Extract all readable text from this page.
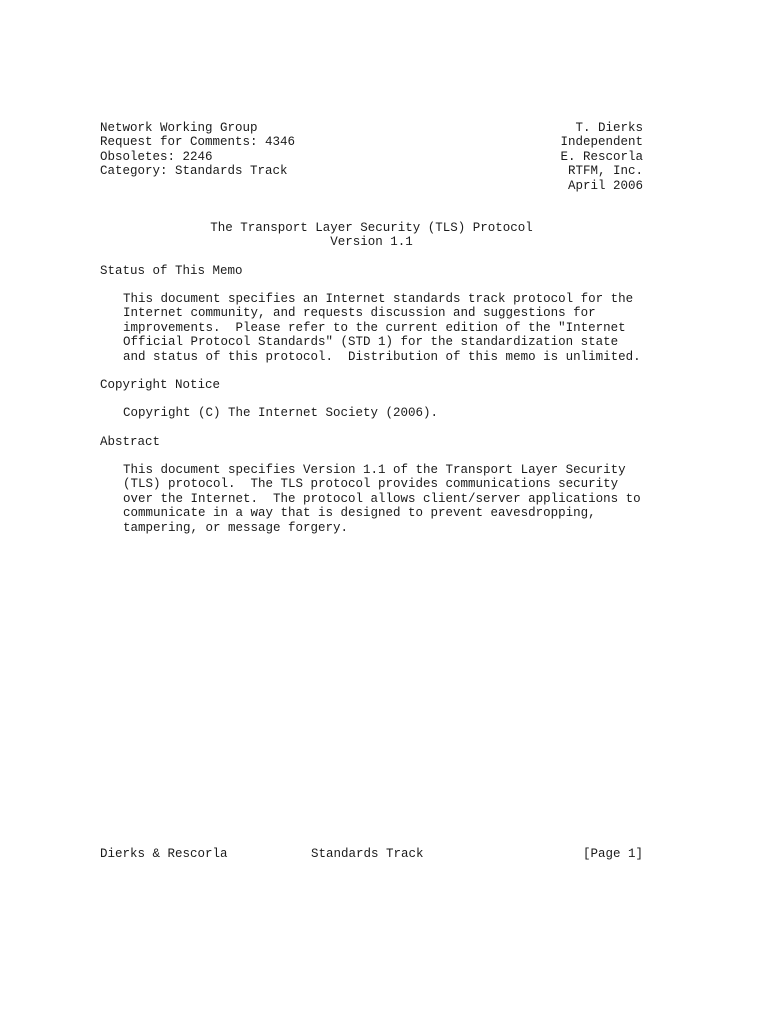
Network Working Group
Request for Comments: 4346
Obsoletes: 2246
Category: Standards Track
T. Dierks
Independent
E. Rescorla
RTFM, Inc.
April 2006
The Transport Layer Security (TLS) Protocol
Version 1.1
Status of This Memo
This document specifies an Internet standards track protocol for the
Internet community, and requests discussion and suggestions for
improvements.  Please refer to the current edition of the "Internet
Official Protocol Standards" (STD 1) for the standardization state
and status of this protocol.  Distribution of this memo is unlimited.
Copyright Notice
Copyright (C) The Internet Society (2006).
Abstract
This document specifies Version 1.1 of the Transport Layer Security
(TLS) protocol.  The TLS protocol provides communications security
over the Internet.  The protocol allows client/server applications to
communicate in a way that is designed to prevent eavesdropping,
tampering, or message forgery.
Dierks & Rescorla	Standards Track	[Page 1]
